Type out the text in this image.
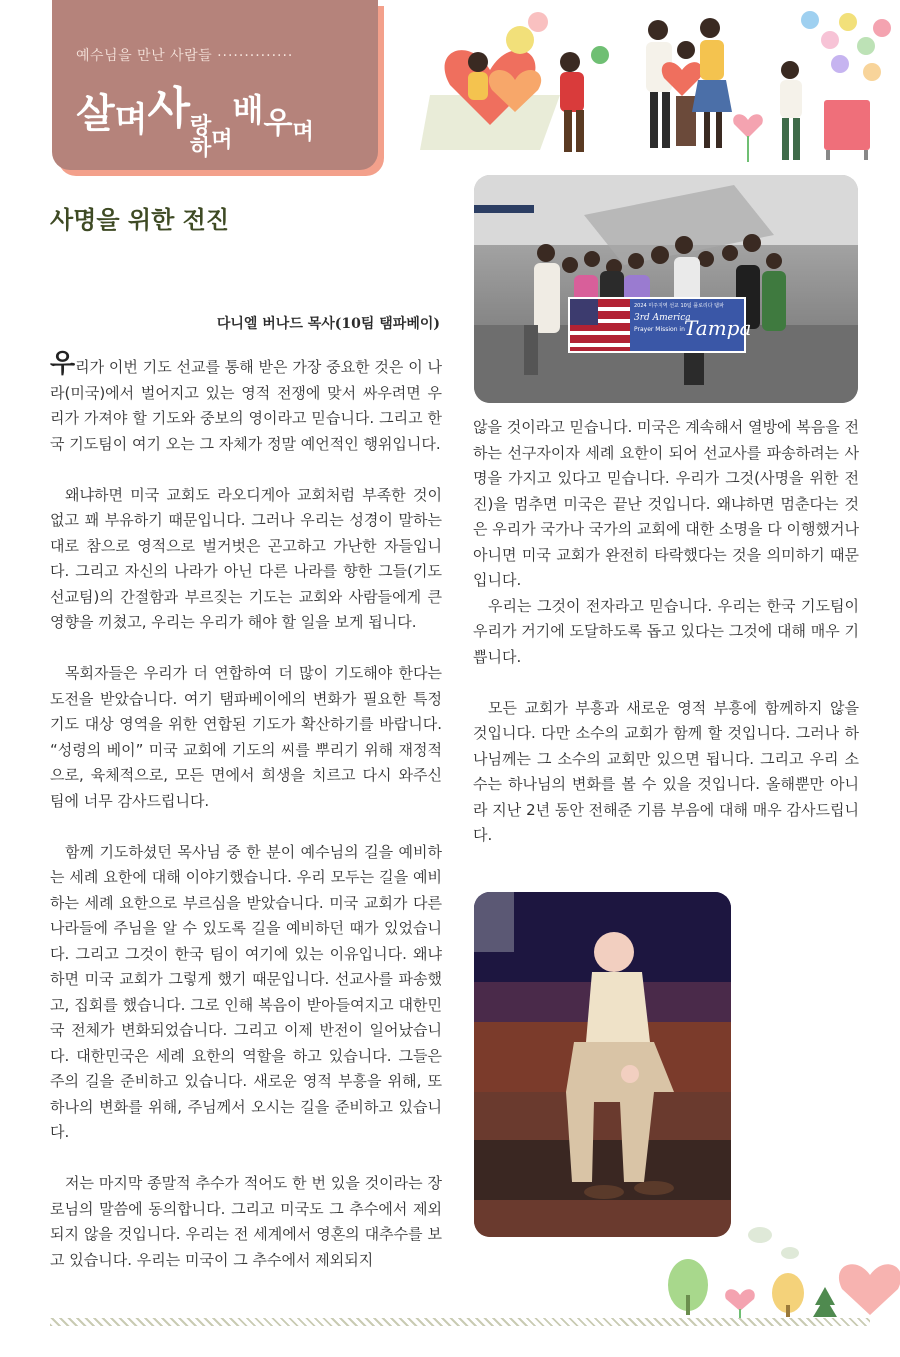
예수님을 만난 사람들 ··············
살며사 랑
하 며배우며
사명을 위한 전진
다니엘 버나드 목사(10팀 탬파베이)

우리가 이번 기도 선교를 통해 받은 가장 중요한 것은 이 나라(미국)에서 벌어지고 있는 영적 전쟁에 맞서 싸우려면 우리가 가져야 할 기도와 중보의 영이라고 믿습니다. 그리고 한국 기도팀이 여기 오는 그 자체가 정말 예언적인 행위입니다.

왜냐하면 미국 교회도 라오디게아 교회처럼 부족한 것이 없고 꽤 부유하기 때문입니다. 그러나 우리는 성경이 말하는 대로 참으로 영적으로 벌거벗은 곤고하고 가난한 자들입니다. 그리고 자신의 나라가 아닌 다른 나라를 향한 그들(기도선교팀)의 간절함과 부르짖는 기도는 교회와 사람들에게 큰 영향을 끼쳤고, 우리는 우리가 해야 할 일을 보게 됩니다.

목회자들은 우리가 더 연합하여 더 많이 기도해야 한다는 도전을 받았습니다. 여기 탬파베이에의 변화가 필요한 특정 기도 대상 영역을 위한 연합된 기도가 확산하기를 바랍니다. “성령의 베이” 미국 교회에 기도의 씨를 뿌리기 위해 재정적으로, 육체적으로, 모든 면에서 희생을 치르고 다시 와주신 팀에 너무 감사드립니다.

함께 기도하셨던 목사님 중 한 분이 예수님의 길을 예비하는 세례 요한에 대해 이야기했습니다. 우리 모두는 길을 예비하는 세례 요한으로 부르심을 받았습니다. 미국 교회가 다른 나라들에 주님을 알 수 있도록 길을 예비하던 때가 있었습니다. 그리고 그것이 한국 팀이 여기에 있는 이유입니다. 왜냐하면 미국 교회가 그렇게 했기 때문입니다. 선교사를 파송했고, 집회를 했습니다. 그로 인해 복음이 받아들여지고 대한민국 전체가 변화되었습니다. 그리고 이제 반전이 일어났습니다. 대한민국은 세례 요한의 역할을 하고 있습니다. 그들은 주의 길을 준비하고 있습니다. 새로운 영적 부흥을 위해, 또 하나의 변화를 위해, 주님께서 오시는 길을 준비하고 있습니다.

저는 마지막 종말적 추수가 적어도 한 번 있을 것이라는 장로님의 말씀에 동의합니다. 그리고 미국도 그 추수에서 제외되지 않을 것입니다. 우리는 전 세계에서 영혼의 대추수를 보고 있습니다. 우리는 미국이 그 추수에서 제외되지

3rd America
Prayer Mission in Tampa
2024 미주지역 선교 10팀 플로리다 탬파

않을 것이라고 믿습니다. 미국은 계속해서 열방에 복음을 전하는 선구자이자 세례 요한이 되어 선교사를 파송하려는 사명을 가지고 있다고 믿습니다. 우리가 그것(사명을 위한 전진)을 멈추면 미국은 끝난 것입니다. 왜냐하면 멈춘다는 것은 우리가 국가나 국가의 교회에 대한 소명을 다 이행했거나 아니면 미국 교회가 완전히 타락했다는 것을 의미하기 때문입니다.

우리는 그것이 전자라고 믿습니다. 우리는 한국 기도팀이 우리가 거기에 도달하도록 돕고 있다는 그것에 대해 매우 기쁩니다.

모든 교회가 부흥과 새로운 영적 부흥에 함께하지 않을 것입니다. 다만 소수의 교회가 함께 할 것입니다. 그러나 하나님께는 그 소수의 교회만 있으면 됩니다. 그리고 우리 소수는 하나님의 변화를 볼 수 있을 것입니다. 올해뿐만 아니라 지난 2년 동안 전해준 기름 부음에 대해 매우 감사드립니다.
